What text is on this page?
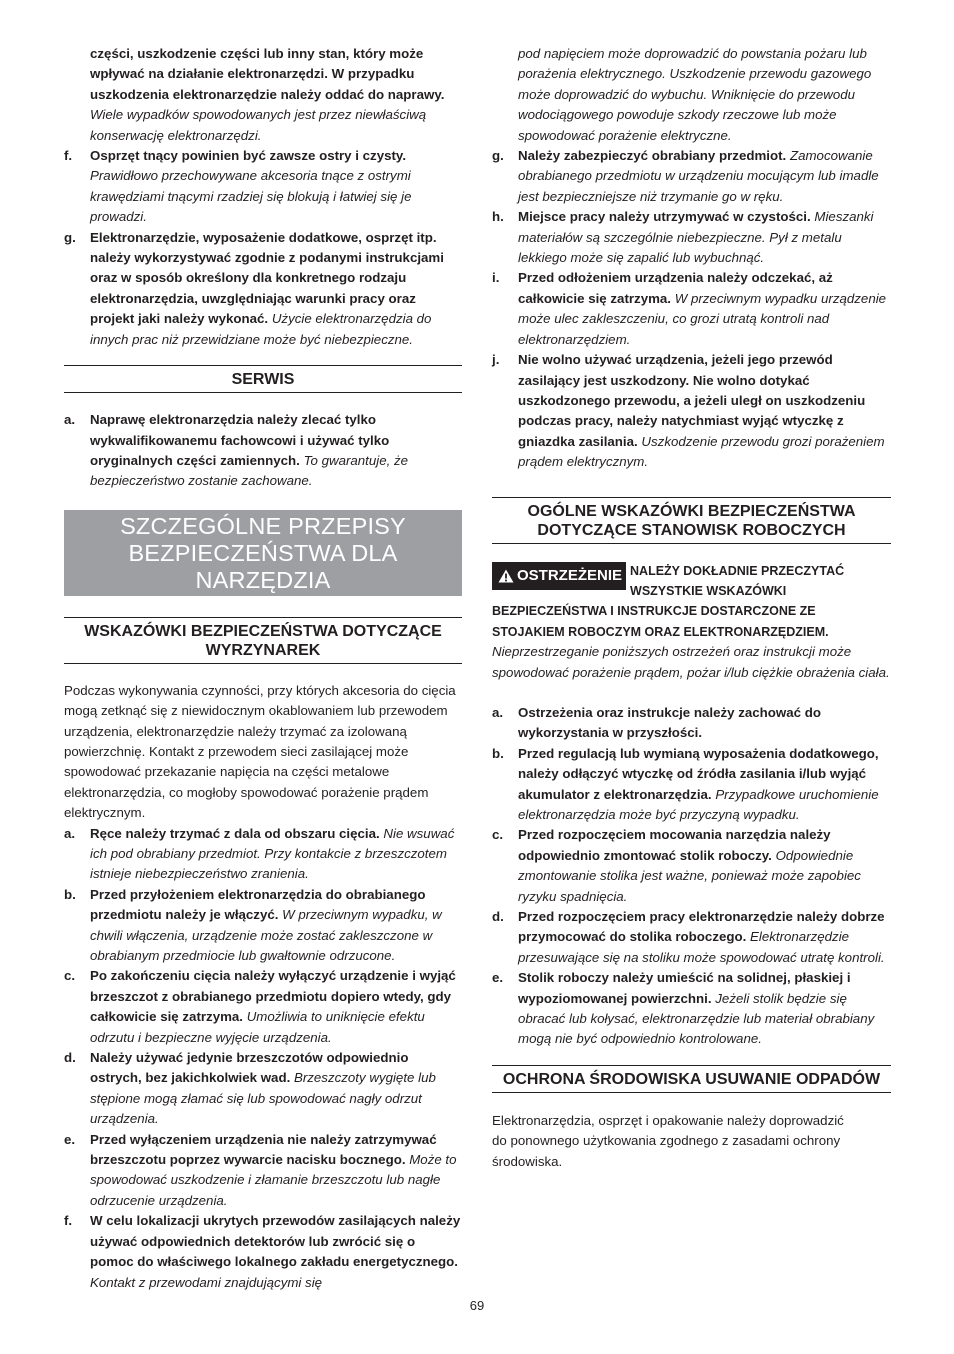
części, uszkodzenie części lub inny stan, który może wpływać na działanie elektronarzędzi. W przypadku uszkodzenia elektronarzędzie należy oddać do naprawy. Wiele wypadków spowodowanych jest przez niewłaściwą konserwację elektronarzędzi.
f. Osprzęt tnący powinien być zawsze ostry i czysty. Prawidłowo przechowywane akcesoria tnące z ostrymi krawędziami tnącymi rzadziej się blokują i łatwiej się je prowadzi.
g. Elektronarzędzie, wyposażenie dodatkowe, osprzęt itp. należy wykorzystywać zgodnie z podanymi instrukcjami oraz w sposób określony dla konkretnego rodzaju elektronarzędzia, uwzględniając warunki pracy oraz projekt jaki należy wykonać. Użycie elektronarzędzia do innych prac niż przewidziane może być niebezpieczne.
SERWIS
a. Naprawę elektronarzędzia należy zlecać tylko wykwalifikowanemu fachowcowi i używać tylko oryginalnych części zamiennych. To gwarantuje, że bezpieczeństwo zostanie zachowane.
SZCZEGÓLNE PRZEPISY
BEZPIECZEŃSTWA DLA NARZĘDZIA
WSKAZÓWKI BEZPIECZEŃSTWA DOTYCZĄCE WYRZYNAREK

Podczas wykonywania czynności, przy których akcesoria do cięcia mogą zetknąć się z niewidocznym okablowaniem lub przewodem urządzenia, elektronarzędzie należy trzymać za izolowaną powierzchnię. Kontakt z przewodem sieci zasilającej może spowodować przekazanie napięcia na części metalowe elektronarzędzia, co mogłoby spowodować porażenie prądem elektrycznym.

a. Ręce należy trzymać z dala od obszaru cięcia. Nie wsuwać ich pod obrabiany przedmiot. Przy kontakcie z brzeszczotem istnieje niebezpieczeństwo zranienia.
b. Przed przyłożeniem elektronarzędzia do obrabianego przedmiotu należy je włączyć. W przeciwnym wypadku, w chwili włączenia, urządzenie może zostać zakleszczone w obrabianym przedmiocie lub gwałtownie odrzucone.
c. Po zakończeniu cięcia należy wyłączyć urządzenie i wyjąć brzeszczot z obrabianego przedmiotu dopiero wtedy, gdy całkowicie się zatrzyma. Umożliwia to uniknięcie efektu odrzutu i bezpieczne wyjęcie urządzenia.
d. Należy używać jedynie brzeszczotów odpowiednio ostrych, bez jakichkolwiek wad. Brzeszczoty wygięte lub stępione mogą złamać się lub spowodować nagły odrzut urządzenia.
e. Przed wyłączeniem urządzenia nie należy zatrzymywać brzeszczotu poprzez wywarcie nacisku bocznego. Może to spowodować uszkodzenie i złamanie brzeszczotu lub nagłe odrzucenie urządzenia.
f. W celu lokalizacji ukrytych przewodów zasilających należy używać odpowiednich detektorów lub zwrócić się o pomoc do właściwego lokalnego zakładu energetycznego. Kontakt z przewodami znajdującymi się
pod napięciem może doprowadzić do powstania pożaru lub porażenia elektrycznego. Uszkodzenie przewodu gazowego może doprowadzić do wybuchu. Wniknięcie do przewodu wodociągowego powoduje szkody rzeczowe lub może spowodować porażenie elektryczne.
g. Należy zabezpieczyć obrabiany przedmiot. Zamocowanie obrabianego przedmiotu w urządzeniu mocującym lub imadle jest bezpieczniejsze niż trzymanie go w ręku.
h. Miejsce pracy należy utrzymywać w czystości. Mieszanki materiałów są szczególnie niebezpieczne. Pył z metalu lekkiego może się zapalić lub wybuchnąć.
i. Przed odłożeniem urządzenia należy odczekać, aż całkowicie się zatrzyma. W przeciwnym wypadku urządzenie może ulec zakleszczeniu, co grozi utratą kontroli nad elektronarzędziem.
j. Nie wolno używać urządzenia, jeżeli jego przewód zasilający jest uszkodzony. Nie wolno dotykać uszkodzonego przewodu, a jeżeli uległ on uszkodzeniu podczas pracy, należy natychmiast wyjąć wtyczkę z gniazdka zasilania. Uszkodzenie przewodu grozi porażeniem prądem elektrycznym.
OGÓLNE WSKAZÓWKI BEZPIECZEŃSTWA DOTYCZĄCE STANOWISK ROBOCZYCH
OSTRZEŻENIE NALEŻY DOKŁADNIE PRZECZYTAĆ WSZYSTKIE WSKAZÓWKI BEZPIECZEŃSTWA I INSTRUKCJE DOSTARCZONE ZE STOJAKIEM ROBOCZYM ORAZ ELEKTRONARZĘDZIEM.
Nieprzestrzeganie poniższych ostrzeżeń oraz instrukcji może spowodować porażenie prądem, pożar i/lub ciężkie obrażenia ciała.
a. Ostrzeżenia oraz instrukcje należy zachować do wykorzystania w przyszłości.
b. Przed regulacją lub wymianą wyposażenia dodatkowego, należy odłączyć wtyczkę od źródła zasilania i/lub wyjąć akumulator z elektronarzędzia. Przypadkowe uruchomienie elektronarzędzia może być przyczyną wypadku.
c. Przed rozpoczęciem mocowania narzędzia należy odpowiednio zmontować stolik roboczy. Odpowiednie zmontowanie stolika jest ważne, ponieważ może zapobiec ryzyku spadnięcia.
d. Przed rozpoczęciem pracy elektronarzędzie należy dobrze przymocować do stolika roboczego. Elektronarzędzie przesuwające się na stoliku może spowodować utratę kontroli.
e. Stolik roboczy należy umieścić na solidnej, płaskiej i wypoziomowanej powierzchni. Jeżeli stolik będzie się obracać lub kołysać, elektronarzędzie lub materiał obrabiany mogą nie być odpowiednio kontrolowane.
OCHRONA ŚRODOWISKA USUWANIE ODPADÓW

Elektronarzędzia, osprzęt i opakowanie należy doprowadzić do ponownego użytkowania zgodnego z zasadami ochrony środowiska.

69
